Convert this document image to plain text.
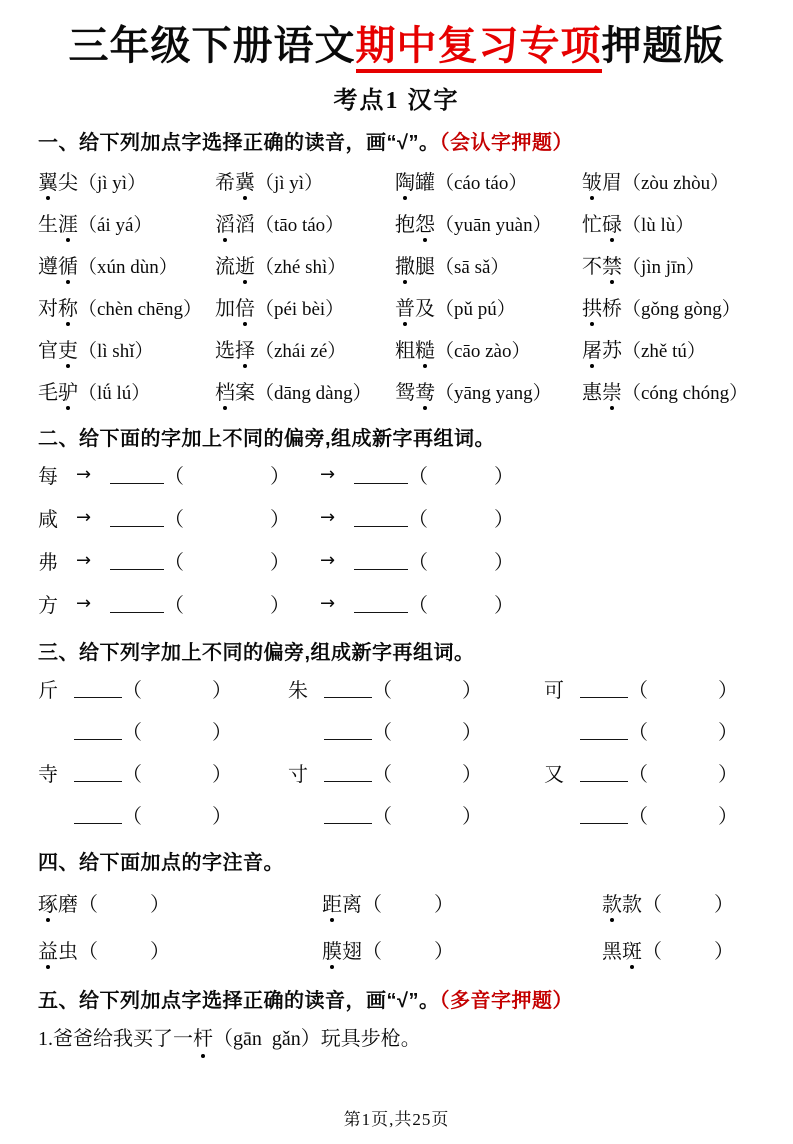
三年级下册语文期中复习专项押题版
考点1 汉字
一、给下列加点字选择正确的读音，画“√”。（会认字押题）
翼尖（jì yì）	希冀（jì yì）	陶罐（cáo táo）	皱眉（zòu zhòu）
生涯（ái yá）	滔滔（tāo táo）	抱怨（yuān yuàn）	忙碌（lù lù）
遵循（xún dùn）	流逝（zhé shì）	撒腿（sā sǎ）	不禁（jìn jīn）
对称（chèn chēng） 加倍（péi bèi）	普及（pǔ pú）	拱桥（gǒng gòng）
官吏（lì shǐ）	选择（zhái zé）	粗糙（cāo zào）	屠苏（zhě tú）
毛驴（lǘ lú）	档案（dāng dàng）	鸳鸯（yāng yang）	惠崇（cóng chóng）
二、给下面的字加上不同的偏旁,组成新字再组词。
每	→	（	） →	（	）
咸	→	（	） →	（	）
弗	→	（	） →	（	）
方	→	（	） →	（	）
三、给下列字加上不同的偏旁,组成新字再组词。
斤	（	）	朱	（	）	可	（	）
（	）	（	）	（	）
寺	（	）	寸	（	）	又	（	）
（	）	（	）	（	）
四、给下面加点的字注音。
琢磨 （	）	距离 （	）	款款 （	）
益虫 （	）	膜翅 （	）	黑斑 （	）
五、给下列加点字选择正确的读音，画“√”。（多音字押题）
1.爸爸给我买了一杆（gān  gǎn）玩具步枪。
第1页,共25页
